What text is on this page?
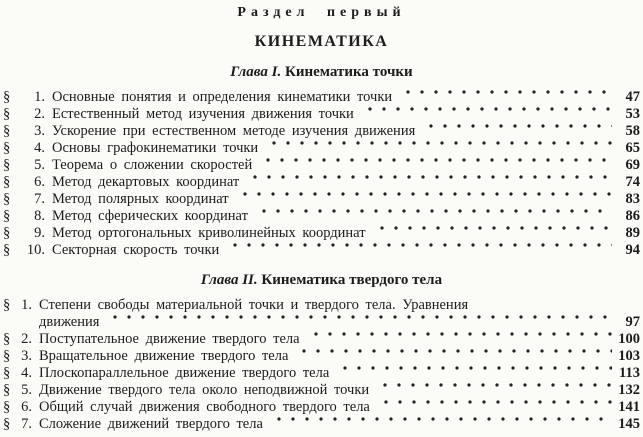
Раздел первый

КИНЕМАТИКА

Глава I. Кинематика точки

§	1. Основные понятия и определения кинематики точки	47
§	2. Естественный метод изучения движения точки	53
§	3. Ускорение при естественном методе изучения движения	58
§	4. Основы графокинематики точки	65
§	5. Теорема о сложении скоростей	69
§	6. Метод декартовых координат	74
§	7. Метод полярных координат	83
§	8. Метод сферических координат	86
§	9. Метод ортогональных криволинейных координат	89
§	10. Секторная скорость точки	94

Глава II. Кинематика твердого тела

§ 1. Степени свободы материальной точки и твердого тела. Уравнения
движения	97
§ 2. Поступательное движение твердого тела	100
§ 3. Вращательное движение твердого тела	103
§ 4. Плоскопараллельное движение твердого тела	113
§ 5. Движение твердого тела около неподвижной точки	132
§ 6. Общий случай движения свободного твердого тела	141
§ 7. Сложение движений твердого тела	145
